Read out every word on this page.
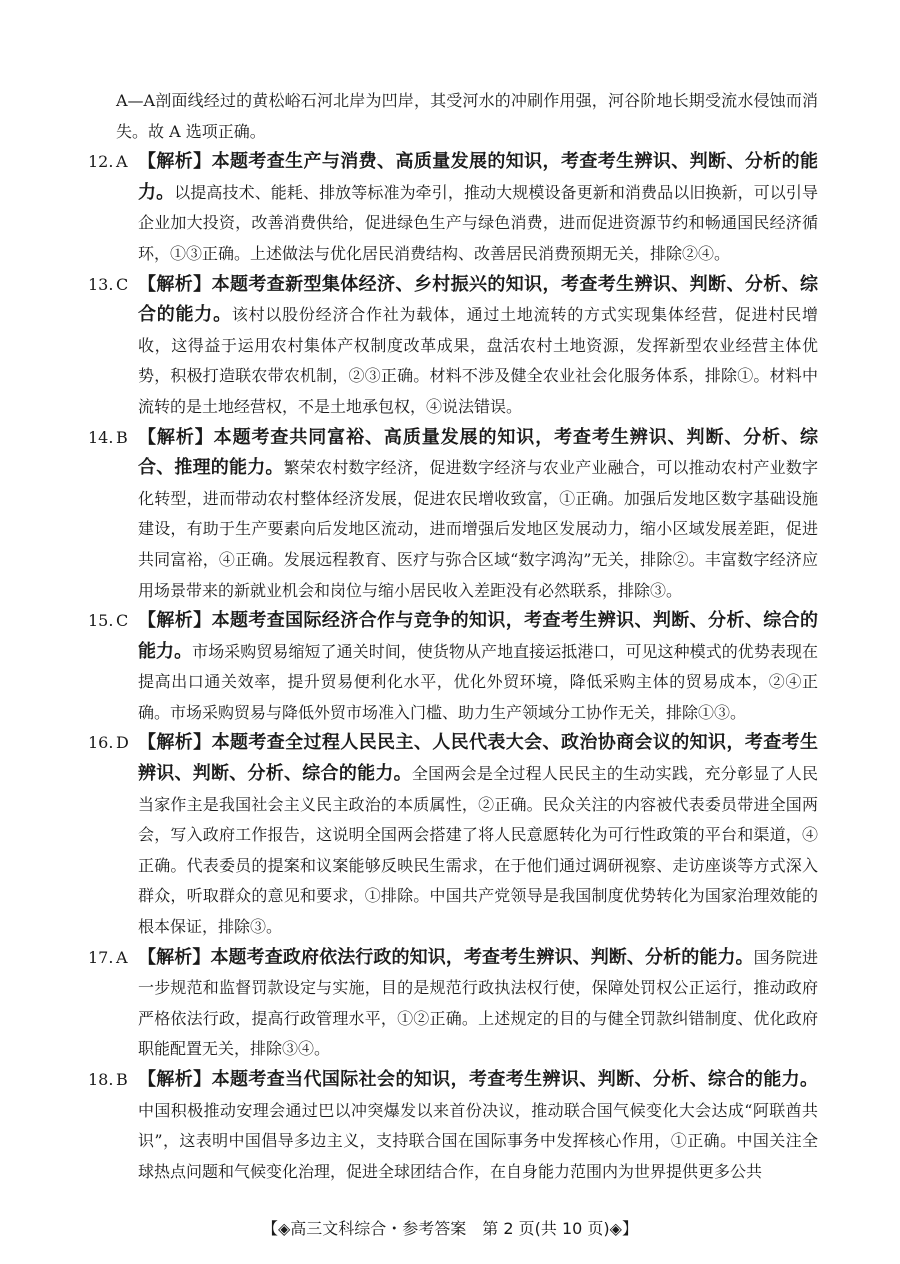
A—A剖面线经过的黄松峪石河北岸为凹岸，其受河水的冲刷作用强，河谷阶地长期受流水侵蚀而消失。故 A 选项正确。

12. A 【解析】本题考查生产与消费、高质量发展的知识，考查考生辨识、判断、分析的能力。以提高技术、能耗、排放等标准为牵引，推动大规模设备更新和消费品以旧换新，可以引导企业加大投资，改善消费供给，促进绿色生产与绿色消费，进而促进资源节约和畅通国民经济循环，①③正确。上述做法与优化居民消费结构、改善居民消费预期无关，排除②④。
13. C 【解析】本题考查新型集体经济、乡村振兴的知识，考查考生辨识、判断、分析、综合的能力。该村以股份经济合作社为载体，通过土地流转的方式实现集体经营，促进村民增收，这得益于运用农村集体产权制度改革成果，盘活农村土地资源，发挥新型农业经营主体优势，积极打造联农带农机制，②③正确。材料不涉及健全农业社会化服务体系，排除①。材料中流转的是土地经营权，不是土地承包权，④说法错误。
14. B 【解析】本题考查共同富裕、高质量发展的知识，考查考生辨识、判断、分析、综合、推理的能力。繁荣农村数字经济，促进数字经济与农业产业融合，可以推动农村产业数字化转型，进而带动农村整体经济发展，促进农民增收致富，①正确。加强后发地区数字基础设施建设，有助于生产要素向后发地区流动，进而增强后发地区发展动力，缩小区域发展差距，促进共同富裕，④正确。发展远程教育、医疗与弥合区域“数字鸿沟”无关，排除②。丰富数字经济应用场景带来的新就业机会和岗位与缩小居民收入差距没有必然联系，排除③。
15. C 【解析】本题考查国际经济合作与竞争的知识，考查考生辨识、判断、分析、综合的能力。市场采购贸易缩短了通关时间，使货物从产地直接运抵港口，可见这种模式的优势表现在提高出口通关效率，提升贸易便利化水平，优化外贸环境，降低采购主体的贸易成本，②④正确。市场采购贸易与降低外贸市场准入门槛、助力生产领域分工协作无关，排除①③。
16. D 【解析】本题考查全过程人民民主、人民代表大会、政治协商会议的知识，考查考生辨识、判断、分析、综合的能力。全国两会是全过程人民民主的生动实践，充分彰显了人民当家作主是我国社会主义民主政治的本质属性，②正确。民众关注的内容被代表委员带进全国两会，写入政府工作报告，这说明全国两会搭建了将人民意愿转化为可行性政策的平台和渠道，④正确。代表委员的提案和议案能够反映民生需求，在于他们通过调研视察、走访座谈等方式深入群众，听取群众的意见和要求，①排除。中国共产党领导是我国制度优势转化为国家治理效能的根本保证，排除③。
17. A 【解析】本题考查政府依法行政的知识，考查考生辨识、判断、分析的能力。国务院进一步规范和监督罚款设定与实施，目的是规范行政执法权行使，保障处罚权公正运行，推动政府严格依法行政，提高行政管理水平，①②正确。上述规定的目的与健全罚款纠错制度、优化政府职能配置无关，排除③④。
18. B 【解析】本题考查当代国际社会的知识，考查考生辨识、判断、分析、综合的能力。中国积极推动安理会通过巴以冲突爆发以来首份决议，推动联合国气候变化大会达成“阿联酋共识”，这表明中国倡导多边主义，支持联合国在国际事务中发挥核心作用，①正确。中国关注全球热点问题和气候变化治理，促进全球团结合作，在自身能力范围内为世界提供更多公共
【◈高三文科综合・参考答案　第 2 页(共 10 页)◈】
